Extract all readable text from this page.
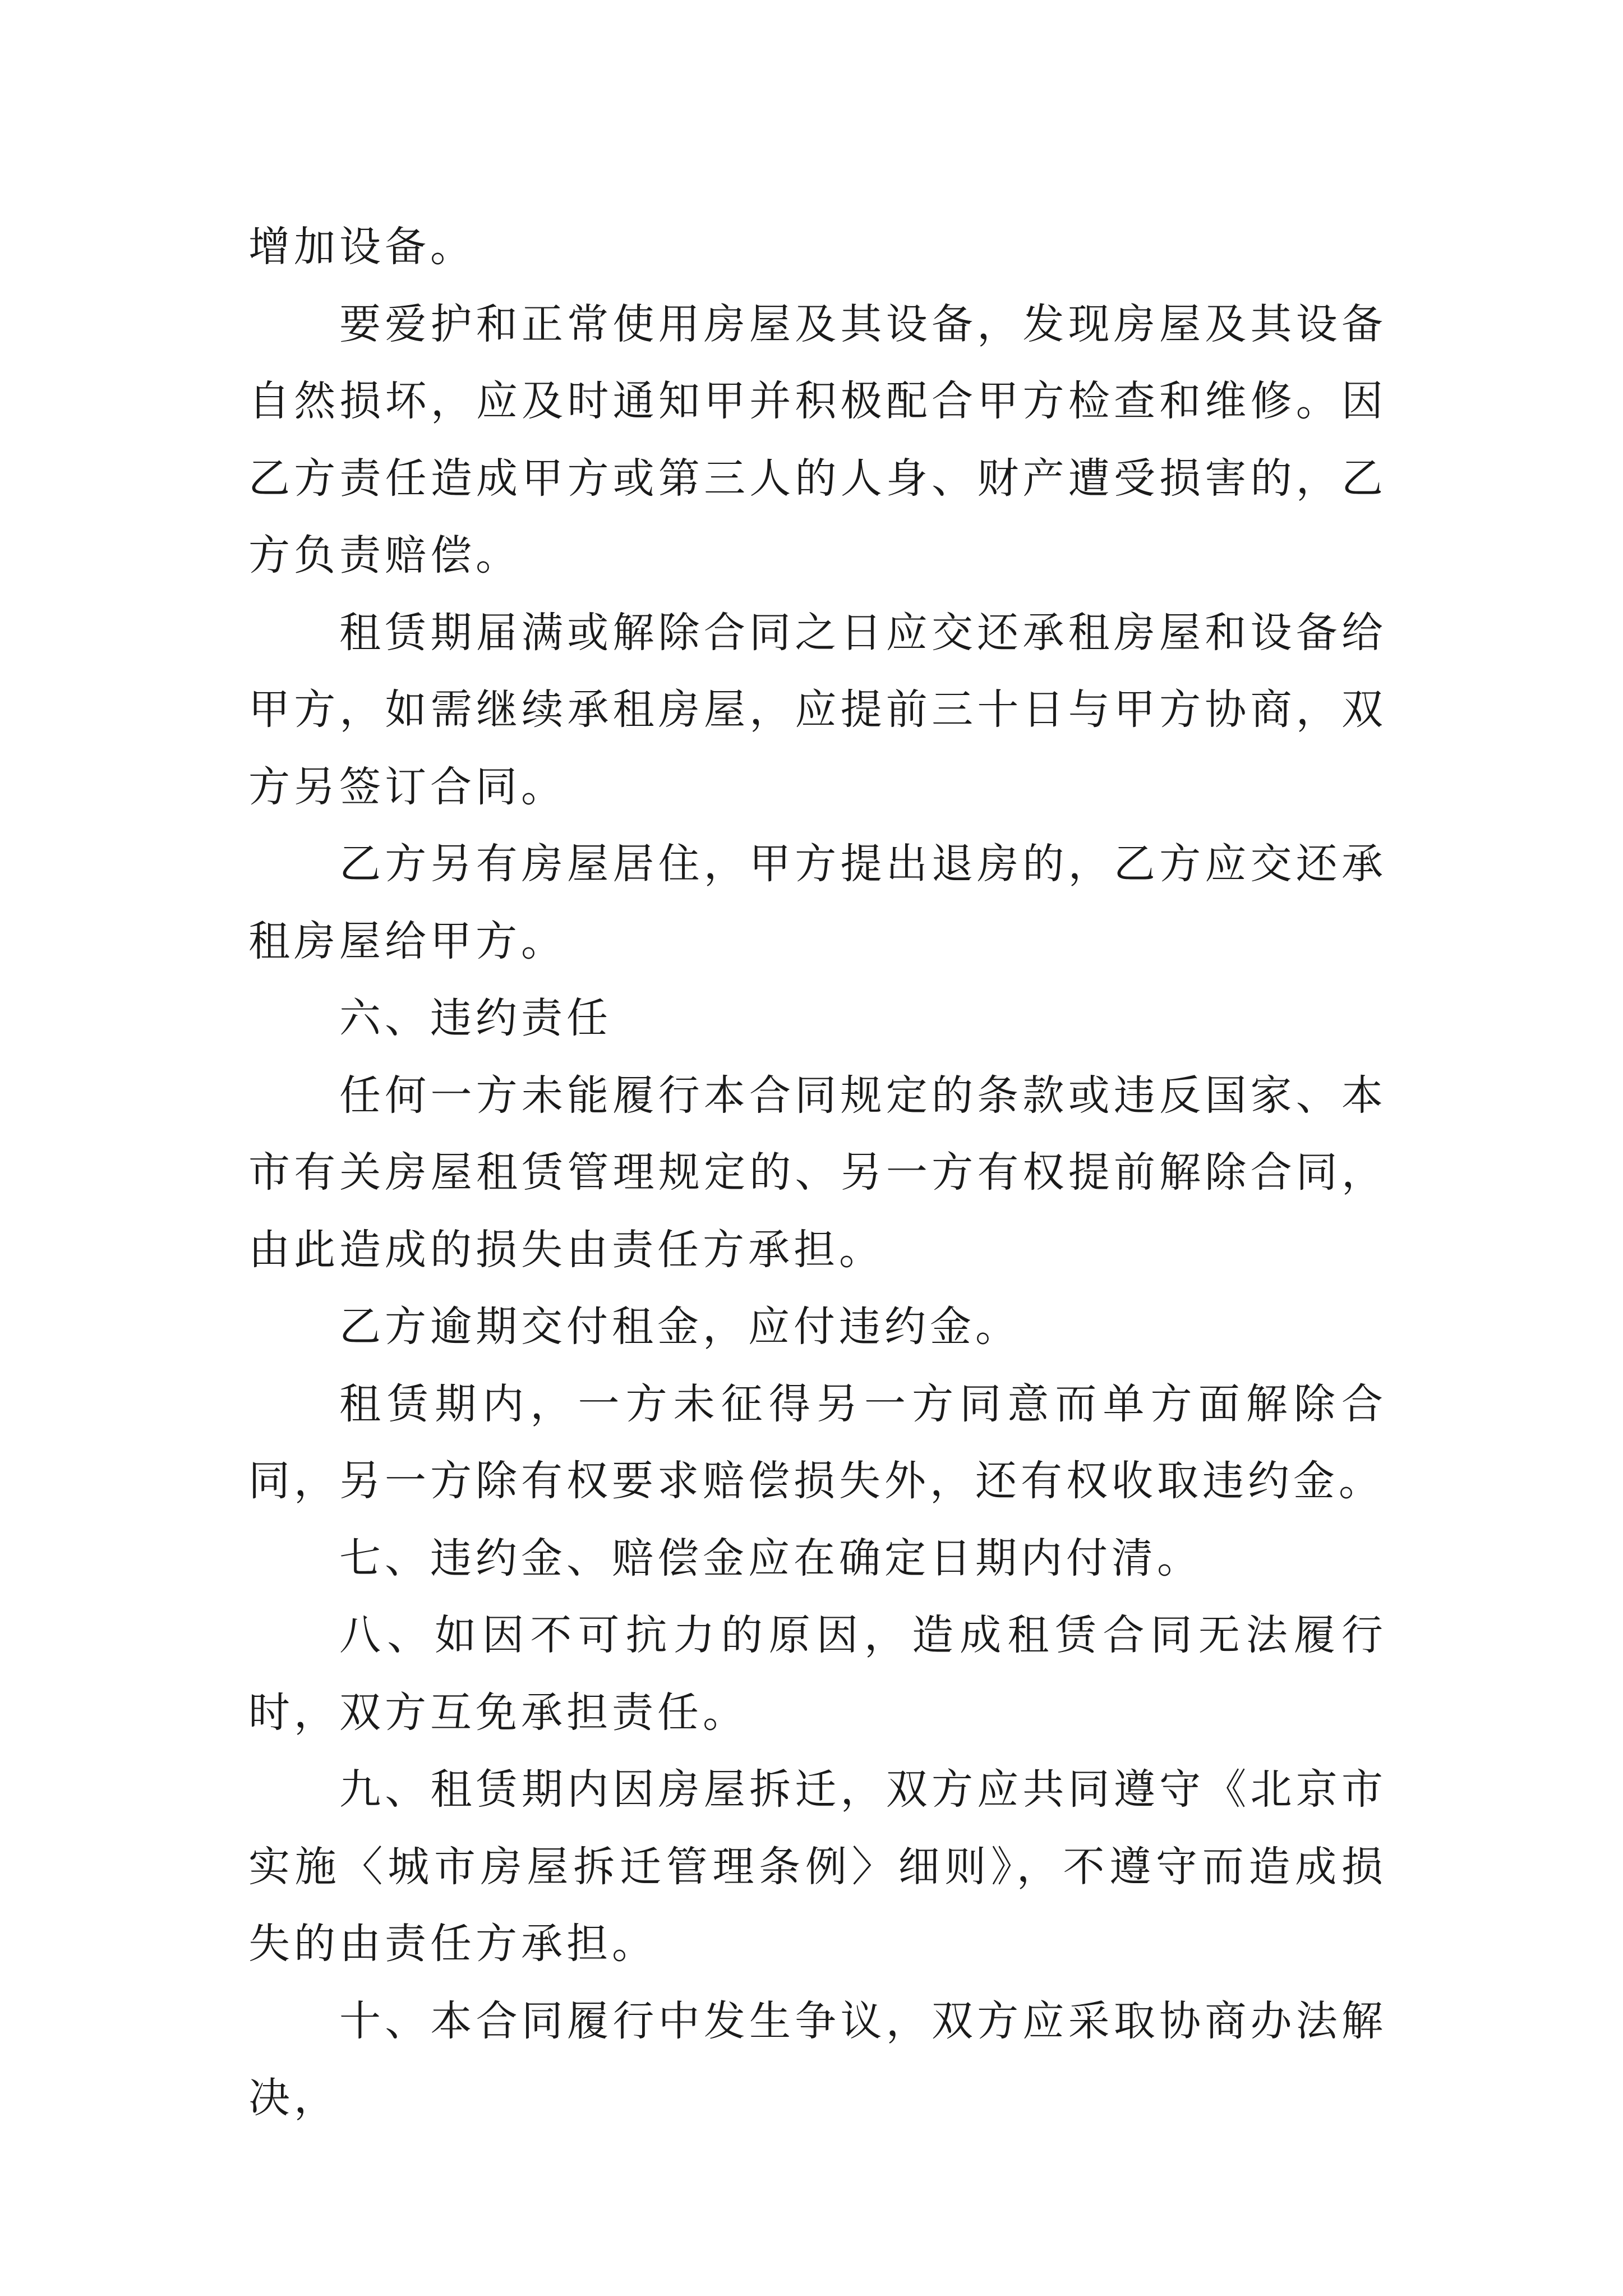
增加设备。

要爱护和正常使用房屋及其设备，发现房屋及其设备自然损坏，应及时通知甲并积极配合甲方检查和维修。因乙方责任造成甲方或第三人的人身、财产遭受损害的，乙方负责赔偿。

租赁期届满或解除合同之日应交还承租房屋和设备给甲方，如需继续承租房屋，应提前三十日与甲方协商，双方另签订合同。

乙方另有房屋居住，甲方提出退房的，乙方应交还承租房屋给甲方。

六、违约责任

任何一方未能履行本合同规定的条款或违反国家、本市有关房屋租赁管理规定的、另一方有权提前解除合同，由此造成的损失由责任方承担。

乙方逾期交付租金，应付违约金。

租赁期内，一方未征得另一方同意而单方面解除合同，另一方除有权要求赔偿损失外，还有权收取违约金。

七、违约金、赔偿金应在确定日期内付清。

八、如因不可抗力的原因，造成租赁合同无法履行时，双方互免承担责任。

九、租赁期内因房屋拆迁，双方应共同遵守《北京市实施〈城市房屋拆迁管理条例〉细则》，不遵守而造成损失的由责任方承担。

十、本合同履行中发生争议，双方应采取协商办法解决，
